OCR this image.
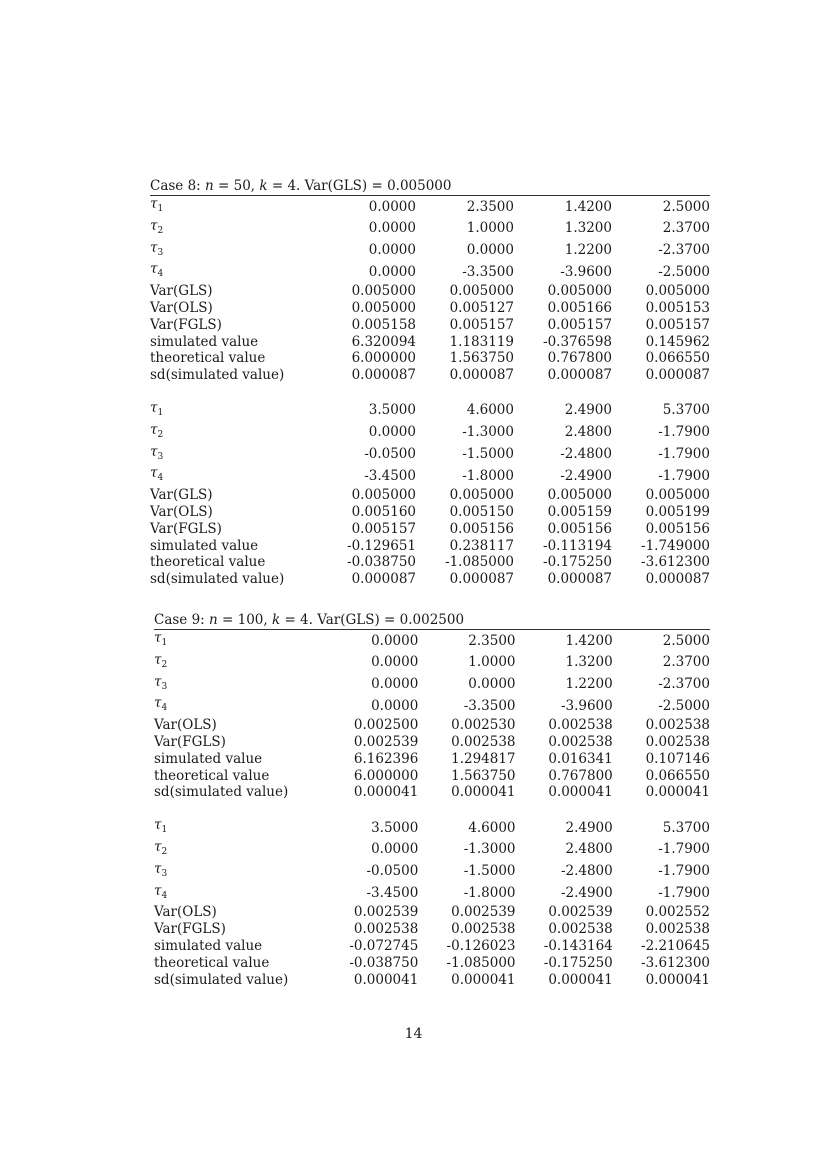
Case 8: n = 50, k = 4. Var(GLS) = 0.005000
$\tau_1$	0.0000	2.3500	1.4200	2.5000
$\tau_2$	0.0000	1.0000	1.3200	2.3700
$\tau_3$	0.0000	0.0000	1.2200	-2.3700
$\tau_4$	0.0000	-3.3500	-3.9600	-2.5000
Var(GLS)	0.005000	0.005000	0.005000	0.005000
Var(OLS)	0.005000	0.005127	0.005166	0.005153
Var(FGLS)	0.005158	0.005157	0.005157	0.005157
simulated value	6.320094	1.183119	-0.376598	0.145962
theoretical value	6.000000	1.563750	0.767800	0.066550
sd(simulated value)	0.000087	0.000087	0.000087	0.000087

$\tau_1$	3.5000	4.6000	2.4900	5.3700
$\tau_2$	0.0000	-1.3000	2.4800	-1.7900
$\tau_3$	-0.0500	-1.5000	-2.4800	-1.7900
$\tau_4$	-3.4500	-1.8000	-2.4900	-1.7900
Var(GLS)	0.005000	0.005000	0.005000	0.005000
Var(OLS)	0.005160	0.005150	0.005159	0.005199
Var(FGLS)	0.005157	0.005156	0.005156	0.005156
simulated value	-0.129651	0.238117	-0.113194	-1.749000
theoretical value	-0.038750	-1.085000	-0.175250	-3.612300
sd(simulated value)	0.000087	0.000087	0.000087	0.000087
Case 9: n = 100, k = 4. Var(GLS) = 0.002500
$\tau_1$	0.0000	2.3500	1.4200	2.5000
$\tau_2$	0.0000	1.0000	1.3200	2.3700
$\tau_3$	0.0000	0.0000	1.2200	-2.3700
$\tau_4$	0.0000	-3.3500	-3.9600	-2.5000
Var(OLS)	0.002500	0.002530	0.002538	0.002538
Var(FGLS)	0.002539	0.002538	0.002538	0.002538
simulated value	6.162396	1.294817	0.016341	0.107146
theoretical value	6.000000	1.563750	0.767800	0.066550
sd(simulated value)	0.000041	0.000041	0.000041	0.000041

$\tau_1$	3.5000	4.6000	2.4900	5.3700
$\tau_2$	0.0000	-1.3000	2.4800	-1.7900
$\tau_3$	-0.0500	-1.5000	-2.4800	-1.7900
$\tau_4$	-3.4500	-1.8000	-2.4900	-1.7900
Var(OLS)	0.002539	0.002539	0.002539	0.002552
Var(FGLS)	0.002538	0.002538	0.002538	0.002538
simulated value	-0.072745	-0.126023	-0.143164	-2.210645
theoretical value	-0.038750	-1.085000	-0.175250	-3.612300
sd(simulated value)	0.000041	0.000041	0.000041	0.000041
14
